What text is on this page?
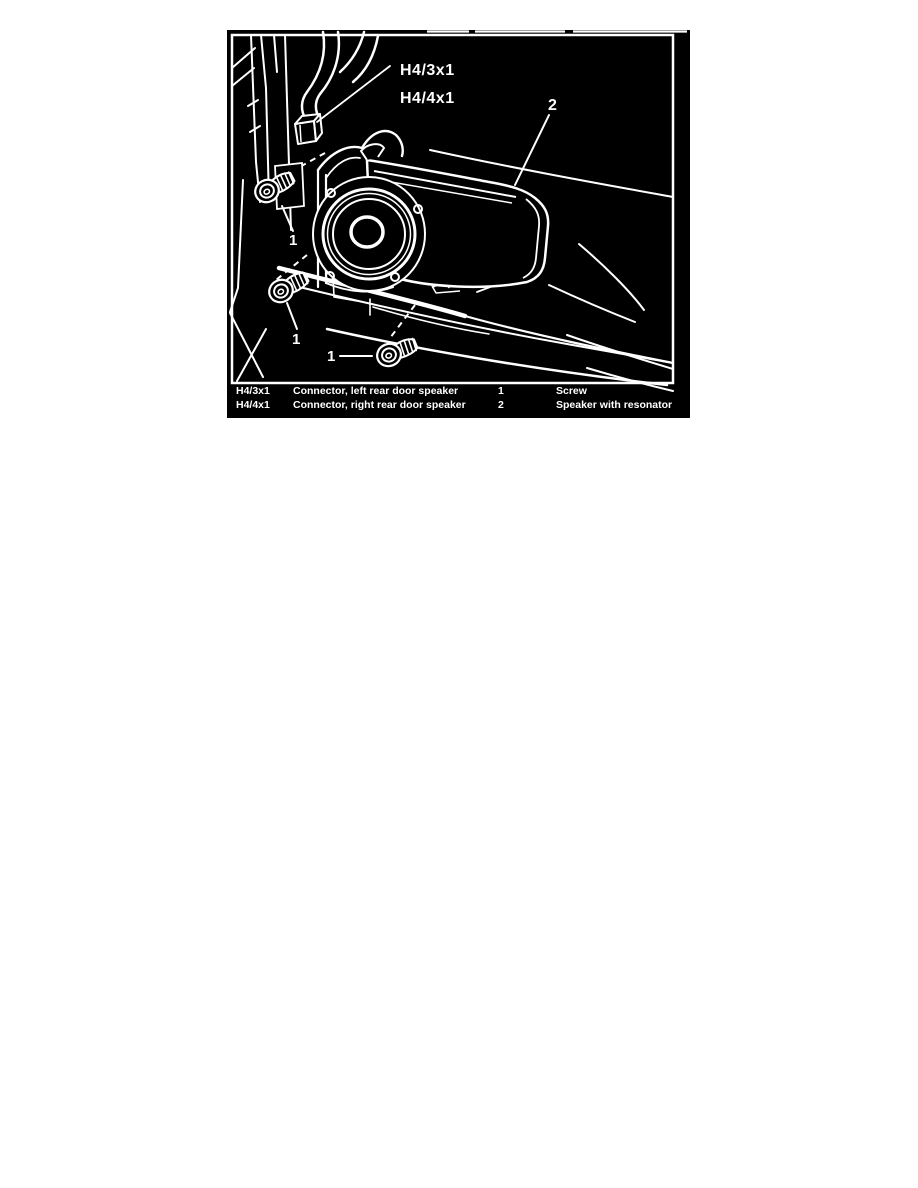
H4/3x1
H4/4x1	2
1
1
1
H4/3x1 Connector, left rear door speaker	1	Screw
H4/4x1 Connector, right rear door speaker	2	Speaker with resonator
